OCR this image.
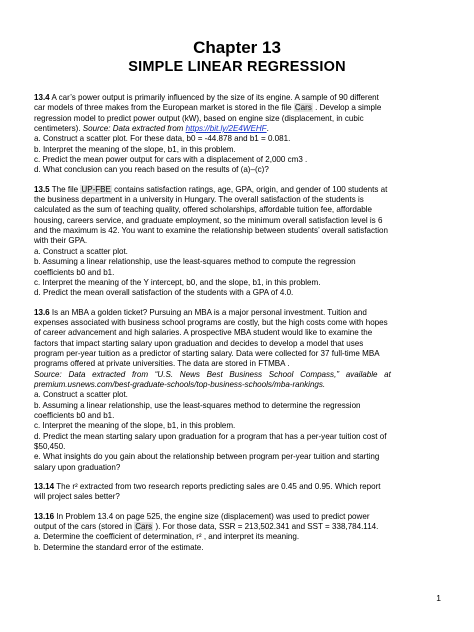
Chapter 13
SIMPLE LINEAR REGRESSION
13.4 A car’s power output is primarily influenced by the size of its engine. A sample of 90 different
car models of three makes from the European market is stored in the file Cars . Develop a simple
regression model to predict power output (kW), based on engine size (displacement, in cubic
centimeters). Source: Data extracted from https://bit.ly/2E4WEHF.
a. Construct a scatter plot. For these data, b0 = -44.878 and b1 = 0.081.
b. Interpret the meaning of the slope, b1, in this problem.
c. Predict the mean power output for cars with a displacement of 2,000 cm3 .
d. What conclusion can you reach based on the results of (a)–(c)?
13.5 The file UP-FBE contains satisfaction ratings, age, GPA, origin, and gender of 100 students at
the business department in a university in Hungary. The overall satisfaction of the students is
calculated as the sum of teaching quality, offered scholarships, affordable tuition fee, affordable
housing, careers service, and graduate employment, so the minimum overall satisfaction level is 6
and the maximum is 42. You want to examine the relationship between students’ overall satisfaction
with their GPA.
a. Construct a scatter plot.
b. Assuming a linear relationship, use the least-squares method to compute the regression
coefficients b0 and b1.
c. Interpret the meaning of the Y intercept, b0, and the slope, b1, in this problem.
d. Predict the mean overall satisfaction of the students with a GPA of 4.0.
13.6 Is an MBA a golden ticket? Pursuing an MBA is a major personal investment. Tuition and
expenses associated with business school programs are costly, but the high costs come with hopes
of career advancement and high salaries. A prospective MBA student would like to examine the
factors that impact starting salary upon graduation and decides to develop a model that uses
program per-year tuition as a predictor of starting salary. Data were collected for 37 full-time MBA
programs offered at private universities. The data are stored in FTMBA .
Source:   Data   extracted   from   “U.S.   News   Best   Business   School   Compass,”   available   at
premium.usnews.com/best-graduate-schools/top-business-schools/mba-rankings.
a. Construct a scatter plot.
b. Assuming a linear relationship, use the least-squares method to determine the regression
coefficients b0 and b1.
c. Interpret the meaning of the slope, b1, in this problem.
d. Predict the mean starting salary upon graduation for a program that has a per-year tuition cost of
$50,450.
e. What insights do you gain about the relationship between program per-year tuition and starting
salary upon graduation?
13.14 The r² extracted from two research reports predicting sales are 0.45 and 0.95. Which report
will project sales better?
13.16 In Problem 13.4 on page 525, the engine size (displacement) was used to predict power
output of the cars (stored in Cars ). For those data, SSR = 213,502.341 and SST = 338,784.114.
a. Determine the coefficient of determination, r² , and interpret its meaning.
b. Determine the standard error of the estimate.
1
